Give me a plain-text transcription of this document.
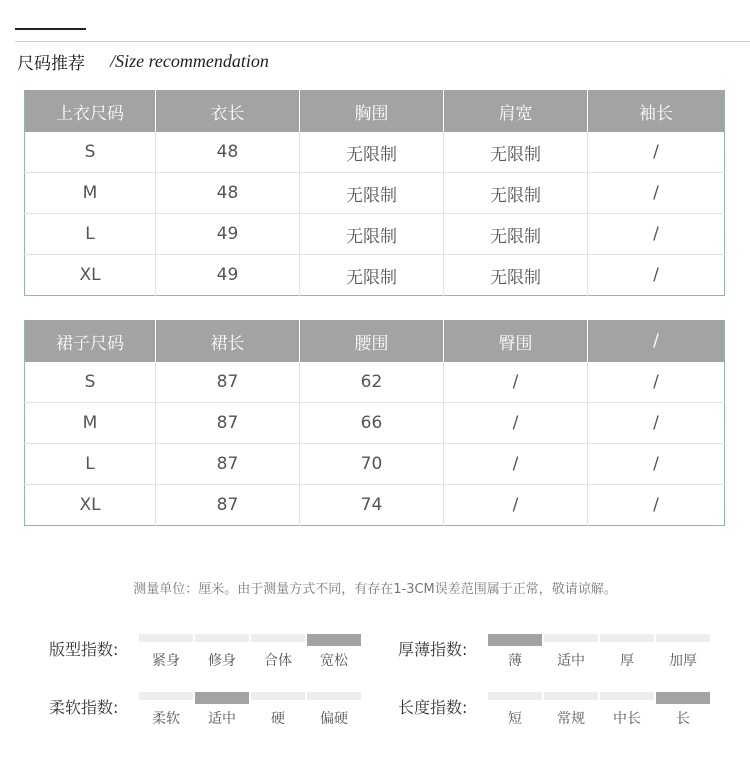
尺码推荐 /Size recommendation
上衣尺码	衣长	胸围	肩宽	袖长
S	48	无限制	无限制	/
M	48	无限制	无限制	/
L	49	无限制	无限制	/
XL	49	无限制	无限制	/
裙子尺码	裙长	腰围	臀围	/
S	87	62	/	/
M	87	66	/	/
L	87	70	/	/
XL	87	74	/	/
测量单位：厘米。由于测量方式不同，有存在1-3CM误差范围属于正常，敬请谅解。
版型指数:
紧身 修身 合体 宽松
厚薄指数:
薄	适中	厚	加厚
柔软指数:
柔软 适中	硬	偏硬
长度指数:
短	常规 中长	长
